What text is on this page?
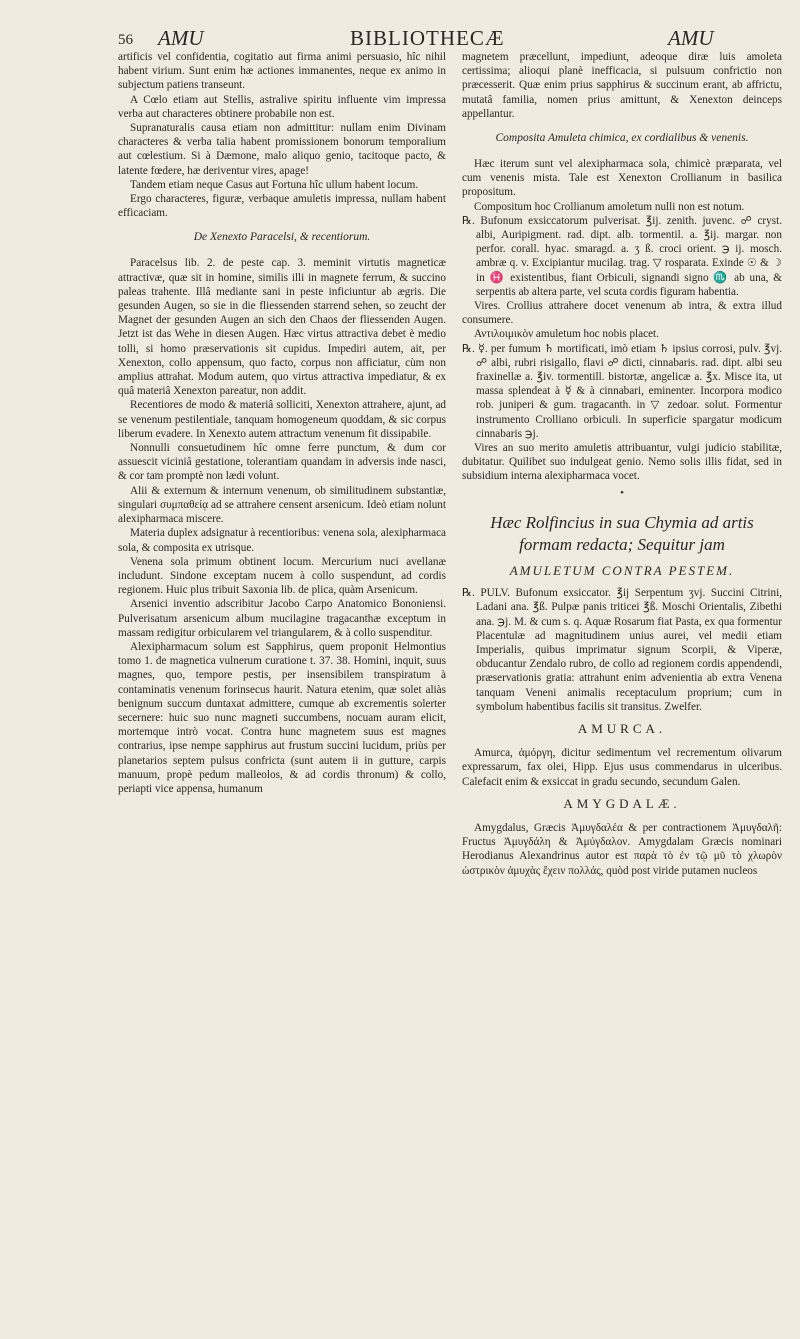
56 AMU	BIBLIOTHECÆ	AMU

artificis vel confidentia, cogitatio aut firma animi persuasio, hîc nihil habent virium. Sunt enim hæ actiones immanentes, neque ex animo in subjectum patiens transeunt.

A Cœlo etiam aut Stellis, astralive spiritu influente vim impressa verba aut characteres obtinere probabile non est.

Supranaturalis causa etiam non admittitur: nullam enim Divinam characteres & verba talia habent promissionem bonorum temporalium aut cœlestium. Si à Dæmone, malo aliquo genio, tacitoque pacto, & latente fœdere, hæ deriventur vires, apage!

Tandem etiam neque Casus aut Fortuna hîc ullum habent locum.

Ergo characteres, figuræ, verbaque amuletis impressa, nullam habent efficaciam.

De Xenexto Paracelsi, & recentiorum.

Paracelsus lib. 2. de peste cap. 3. meminit virtutis magneticæ attractivæ, quæ sit in homine, similis illi in magnete ferrum, & succino paleas trahente. Illâ mediante sani in peste inficiuntur ab ægris. Die gesunden Augen, so sie in die fliessenden starrend sehen, so zeucht der Magnet der gesunden Augen an sich den Chaos der fliessenden Augen. Jetzt ist das Wehe in diesen Augen. Hæc virtus attractiva debet è medio tolli, si homo præservationis sit cupidus. Impediri autem, ait, per Xenexton, collo appensum, quo facto, corpus non afficiatur, cùm non amplius attrahat. Modum autem, quo virtus attractiva impediatur, & ex quâ materiâ Xenexton pareatur, non addit.

Recentiores de modo & materiâ solliciti, Xenexton attrahere, ajunt, ad se venenum pestilentiale, tanquam homogeneum quoddam, & sic corpus liberum evadere. In Xenexto autem attractum venenum fit dissipabile.

Nonnulli consuetudinem hîc omne ferre punctum, & dum cor assuescit viciniâ gestatione, tolerantiam quandam in adversis inde nasci, & cor tam promptè non lædi volunt.

Alii & externum & internum venenum, ob similitudinem substantiæ, singulari συμπαθείᾳ ad se attrahere censent arsenicum. Ideò etiam nolunt alexipharmaca miscere.

Materia duplex adsignatur à recentioribus: venena sola, alexipharmaca sola, & composita ex utrisque.

Venena sola primum obtinent locum. Mercurium nuci avellanæ includunt. Sindone exceptam nucem à collo suspendunt, ad cordis regionem. Huic plus tribuit Saxonia lib. de plica, quàm Arsenicum.

Arsenici inventio adscribitur Jacobo Carpo Anatomico Bononiensi. Pulverisatum arsenicum album mucilagine tragacanthæ exceptum in massam redigitur orbicularem vel triangularem, & à collo suspenditur.

Alexipharmacum solum est Sapphirus, quem proponit Helmontius tomo 1. de magnetica vulnerum curatione t. 37. 38. Homini, inquit, suus magnes, quo, tempore pestis, per insensibilem transpiratum à contaminatis venenum forinsecus haurit. Natura etenim, quæ solet aliàs benignum succum duntaxat admittere, cumque ab excrementis solerter secernere: huic suo nunc magneti succumbens, nocuam auram elicit, mortemque intrò vocat. Contra hunc magnetem suus est magnes contrarius, ipse nempe sapphirus aut frustum succini lucidum, priùs per planetarios septem pulsus confricta (sunt autem ii in gutture, carpis manuum, propè pedum malleolos, & ad cordis thronum) & collo, periapti vice appensa, humanum

magnetem præcellunt, impediunt, adeoque diræ luis amoleta certissima; alioqui planè inefficacia, si pulsuum confrictio non præcesserit. Quæ enim prius sapphirus & succinum erant, ab affrictu, mutatâ familia, nomen prius amittunt, & Xenexton deinceps appellantur.

Composita Amuleta chimica, ex cordialibus & venenis.

Hæc iterum sunt vel alexipharmaca sola, chimicè præparata, vel cum venenis mista. Tale est Xenexton Crollianum in basilica propositum.

Compositum hoc Crollianum amoletum nulli non est notum.

℞. Bufonum exsiccatorum pulverisat. ℥ij. zenith. juvenc. ☍ cryst. albi, Auripigment. rad. dipt. alb. tormentil. a. ℥ij. margar. non perfor. corall. hyac. smaragd. a. ʒ ß. croci orient. ℈ ij. mosch. ambræ q. v. Excipiantur mucilag. trag. ▽ rosparata. Exinde ☉ & ☽ in ♓ existentibus, fiant Orbiculi, signandi signo ♏ ab una, & serpentis ab altera parte, vel scuta cordis figuram habentia.

Vires. Crollius attrahere docet venenum ab intra, & extra illud consumere.

Αντιλοιμικὸν amuletum hoc nobis placet.

℞. ☿. per fumum ♄ mortificati, imò etiam ♄ ipsius corrosi, pulv. ℥vj. ☍ albi, rubri risigallo, flavi ☍ dicti, cinnabaris. rad. dipt. albi seu fraxinellæ a. ℥iv. tormentill. bistortæ, angelicæ a. ℥x. Misce ita, ut massa splendeat à ☿ & à cinnabari, eminenter. Incorpora modico rob. juniperi & gum. tragacanth. in ▽ zedoar. solut. Formentur instrumento Crolliano orbiculi. In superficie spargatur modicum cinnabaris ℈j.

Vires an suo merito amuletis attribuantur, vulgi judicio stabilitæ, dubitatur. Quilibet suo indulgeat genio. Nemo solis illis fidat, sed in subsidium interna alexipharmaca vocet.

•
Hæc Rolfincius in sua Chymia ad artis formam redacta; Sequitur jam
AMULETUM CONTRA PESTEM.

℞. PULV. Bufonum exsiccator. ℥ij Serpentum ʒvj. Succini Citrini, Ladani ana. ℥ß. Pulpæ panis triticei ℥ß. Moschi Orientalis, Zibethi ana. ℈j. M. & cum s. q. Aquæ Rosarum fiat Pasta, ex qua formentur Placentulæ ad magnitudinem unius aurei, vel medii etiam Imperialis, quibus imprimatur signum Scorpii, & Viperæ, obducantur Zendalo rubro, de collo ad regionem cordis appendendi, præservationis gratia: attrahunt enim advenientia ab extra Venena tanquam Veneni animalis receptaculum proprium; cum in symbolum habentibus facilis sit transitus. Zwelfer.

AMURCA.

Amurca, ἀμόργη, dicitur sedimentum vel recrementum olivarum expressarum, fax olei, Hipp. Ejus usus commendarus in ulceribus. Calefacit enim & exsiccat in gradu secundo, secundum Galen.

AMYGDALÆ.

Amygdalus, Græcis Ἀμυγδαλέα & per contractionem Ἀμυγδαλῆ: Fructus Ἀμυγδάλη & Ἀμύγδαλον. Amygdalam Græcis nominari Herodianus Alexandrinus autor est παρὰ τὸ ἐν τῷ μῦ τὸ χλωρὸν ὠστρικὸν ἀμυχὰς ἔχειν πολλάς, quòd post viride putamen nucleos
